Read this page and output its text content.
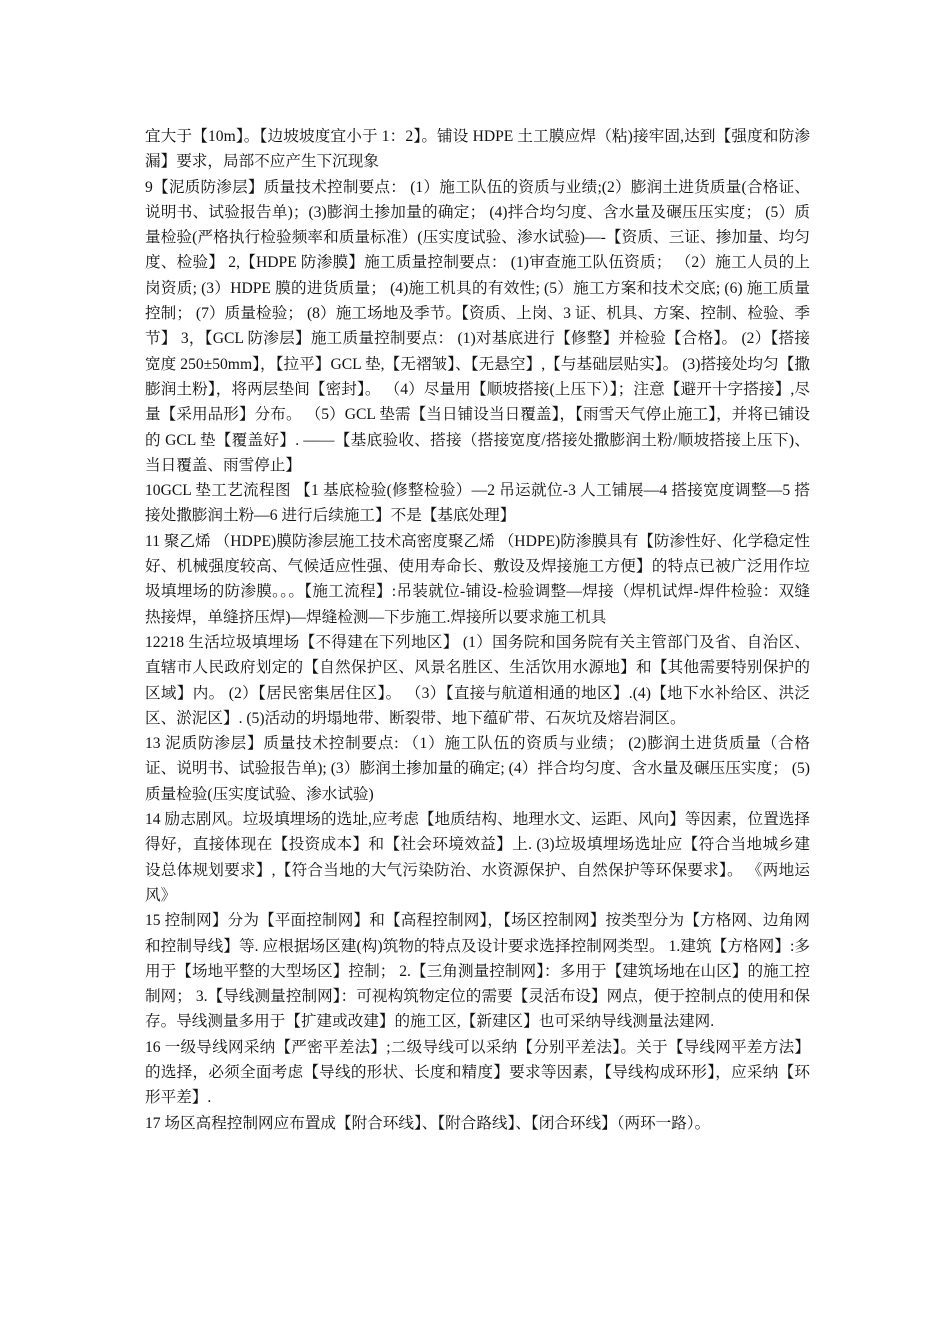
宜大于【10m】。【边坡坡度宜小于 1：2】。铺设 HDPE 土工膜应焊（粘)接牢固,达到【强度和防渗漏】要求，局部不应产生下沉现象

9【泥质防渗层】质量技术控制要点： (1）施工队伍的资质与业绩;(2）膨润土进货质量(合格证、说明书、试验报告单)；(3)膨润土掺加量的确定； (4)拌合均匀度、含水量及碾压压实度； (5）质量检验(严格执行检验频率和质量标准）(压实度试验、渗水试验)—-【资质、三证、掺加量、均匀度、检验】 2,【HDPE 防渗膜】施工质量控制要点： (1)审查施工队伍资质； （2）施工人员的上岗资质; (3）HDPE 膜的进货质量； (4)施工机具的有效性; (5）施工方案和技术交底; (6) 施工质量控制； (7）质量检验； (8）施工场地及季节。【资质、上岗、3 证、机具、方案、控制、检验、季节】 3，【GCL 防渗层】施工质量控制要点： (1)对基底进行【修整】并检验【合格】。 (2）【搭接宽度 250±50mm】，【拉平】GCL 垫,【无褶皱】、【无悬空】,【与基础层贴实】。 (3)搭接处均匀【撒膨润土粉】，将两层垫间【密封】。 （4）尽量用【顺坡搭接(上压下）】；注意【避开十字搭接】,尽量【采用品形】分布。 （5）GCL 垫需【当日铺设当日覆盖】，【雨雪天气停止施工】，并将已铺设的 GCL 垫【覆盖好】. ——【基底验收、搭接（搭接宽度/搭接处撒膨润土粉/顺坡搭接上压下)、当日覆盖、雨雪停止】

10GCL 垫工艺流程图 【1 基底检验(修整检验）—2 吊运就位-3 人工铺展—4 搭接宽度调整—5 搭接处撒膨润土粉—6 进行后续施工】不是【基底处理】

11 聚乙烯 （HDPE)膜防渗层施工技术高密度聚乙烯 （HDPE)防渗膜具有【防渗性好、化学稳定性好、机械强度较高、气候适应性强、使用寿命长、敷设及焊接施工方便】的特点已被广泛用作垃圾填埋场的防渗膜。。。【施工流程】:吊装就位-铺设-检验调整—焊接（焊机试焊-焊件检验：双缝热接焊，单缝挤压焊)—焊缝检测—下步施工.焊接所以要求施工机具

12218 生活垃圾填埋场【不得建在下列地区】 (1）国务院和国务院有关主管部门及省、自治区、直辖市人民政府划定的【自然保护区、风景名胜区、生活饮用水源地】和【其他需要特别保护的区域】内。 (2）【居民密集居住区】。 （3）【直接与航道相通的地区】.(4)【地下水补给区、洪泛区、淤泥区】. (5)活动的坍塌地带、断裂带、地下蕴矿带、石灰坑及熔岩洞区。

13 泥质防渗层】质量技术控制要点: （1）施工队伍的资质与业绩； (2)膨润土进货质量（合格证、说明书、试验报告单); (3）膨润土掺加量的确定; (4）拌合均匀度、含水量及碾压压实度； (5)质量检验(压实度试验、渗水试验)

14 励志剧风。垃圾填埋场的选址,应考虑【地质结构、地理水文、运距、风向】等因素，位置选择得好，直接体现在【投资成本】和【社会环境效益】上. (3)垃圾填埋场选址应【符合当地城乡建设总体规划要求】,【符合当地的大气污染防治、水资源保护、自然保护等环保要求】。 《两地运风》

15 控制网】分为【平面控制网】和【高程控制网】，【场区控制网】按类型分为【方格网、边角网和控制导线】等. 应根据场区建(构)筑物的特点及设计要求选择控制网类型。 1.建筑【方格网】:多用于【场地平整的大型场区】控制； 2.【三角测量控制网】：多用于【建筑场地在山区】的施工控制网； 3.【导线测量控制网】：可视构筑物定位的需要【灵活布设】网点，便于控制点的使用和保存。导线测量多用于【扩建或改建】的施工区,【新建区】也可采纳导线测量法建网.

16 一级导线网采纳【严密平差法】;二级导线可以采纳【分别平差法】。关于【导线网平差方法】的选择，必须全面考虑【导线的形状、长度和精度】要求等因素，【导线构成环形】，应采纳【环形平差】.

17 场区高程控制网应布置成【附合环线】、【附合路线】、【闭合环线】（两环一路）。
